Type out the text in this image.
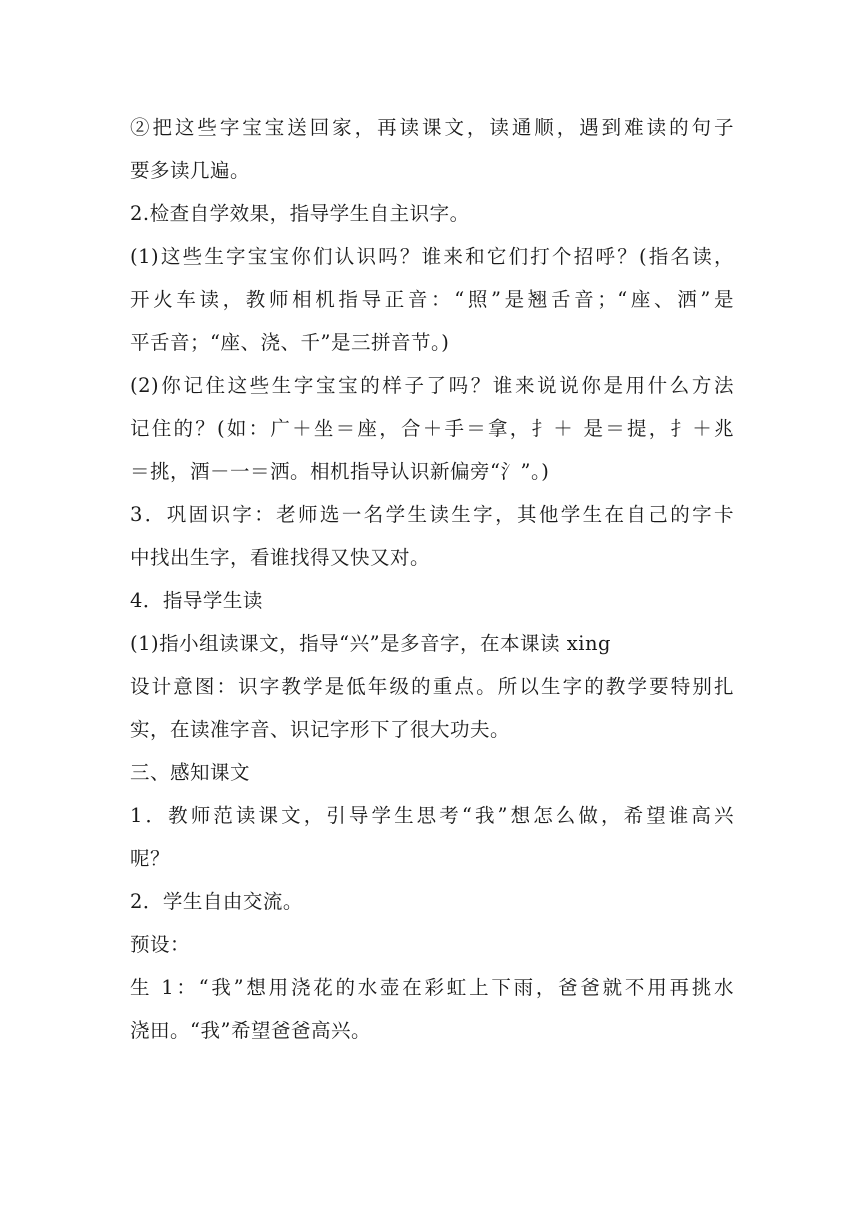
②把这些字宝宝送回家，再读课文，读通顺，遇到难读的句子
要多读几遍。
2.检查自学效果，指导学生自主识字。
(1)这些生字宝宝你们认识吗？谁来和它们打个招呼？(指名读，
开火车读，教师相机指导正音：“照”是翘舌音；“座、洒”是
平舌音；“座、浇、千”是三拼音节。)
(2)你记住这些生字宝宝的样子了吗？谁来说说你是用什么方法
记住的？(如：广＋坐＝座，合＋手＝拿，扌＋ 是＝提，扌＋兆
＝挑，酒－一＝洒。相机指导认识新偏旁“氵”。)
3．巩固识字：老师选一名学生读生字，其他学生在自己的字卡
中找出生字，看谁找得又快又对。
4．指导学生读
(1)指小组读课文，指导“兴”是多音字，在本课读 xing
设计意图：识字教学是低年级的重点。所以生字的教学要特别扎
实，在读准字音、识记字形下了很大功夫。
三、感知课文
1．教师范读课文，引导学生思考“我”想怎么做，希望谁高兴
呢？
2．学生自由交流。
预设：
生 1：“我”想用浇花的水壶在彩虹上下雨，爸爸就不用再挑水
浇田。“我”希望爸爸高兴。
